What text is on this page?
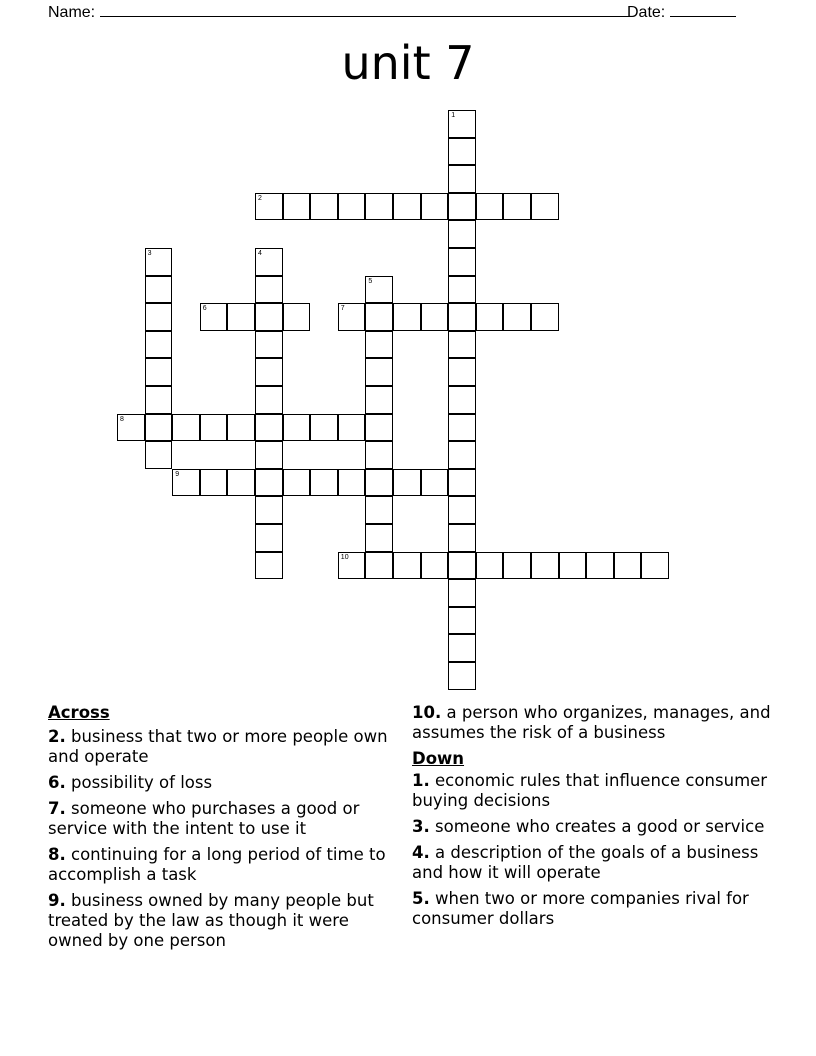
Name:	Date:
unit 7
1
2
3	4
5
6	7
8
9
10
Across
2. business that two or more people own and operate
6. possibility of loss
7. someone who purchases a good or service with the intent to use it
8. continuing for a long period of time to accomplish a task
9. business owned by many people but treated by the law as though it were owned by one person
10. a person who organizes, manages, and assumes the risk of a business
Down
1. economic rules that influence consumer buying decisions
3. someone who creates a good or service
4. a description of the goals of a business and how it will operate
5. when two or more companies rival for consumer dollars
